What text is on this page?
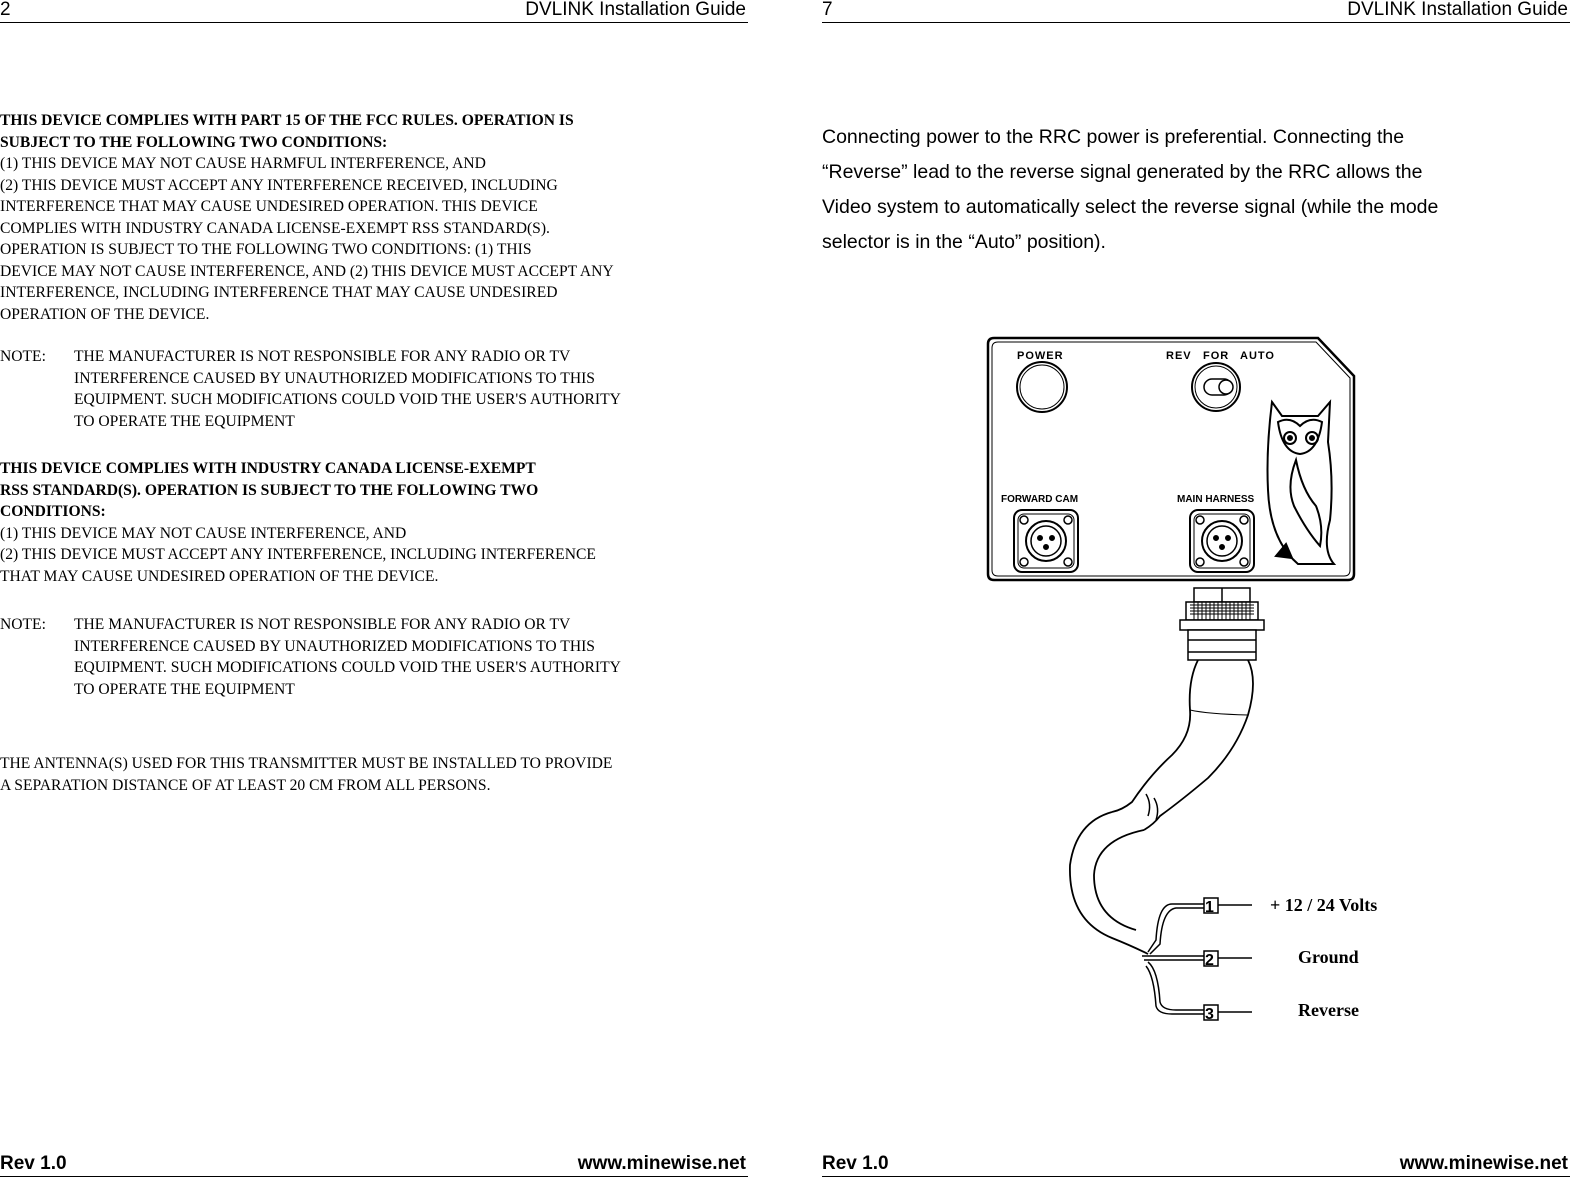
2	DVLINK Installation Guide

THIS DEVICE COMPLIES WITH PART 15 OF THE FCC RULES. OPERATION IS

SUBJECT TO THE FOLLOWING TWO CONDITIONS:

(1) THIS DEVICE MAY NOT CAUSE HARMFUL INTERFERENCE, AND

(2) THIS DEVICE MUST ACCEPT ANY INTERFERENCE RECEIVED, INCLUDING

INTERFERENCE THAT MAY CAUSE UNDESIRED OPERATION. THIS DEVICE

COMPLIES WITH INDUSTRY CANADA LICENSE-EXEMPT RSS STANDARD(S).

OPERATION IS SUBJECT TO THE FOLLOWING TWO CONDITIONS: (1) THIS

DEVICE MAY NOT CAUSE INTERFERENCE, AND (2) THIS DEVICE MUST ACCEPT ANY

INTERFERENCE, INCLUDING INTERFERENCE THAT MAY CAUSE UNDESIRED

OPERATION OF THE DEVICE.

NOTE:	THE MANUFACTURER IS NOT RESPONSIBLE FOR ANY RADIO OR TV

INTERFERENCE CAUSED BY UNAUTHORIZED MODIFICATIONS TO THIS

EQUIPMENT. SUCH MODIFICATIONS COULD VOID THE USER'S AUTHORITY

TO OPERATE THE EQUIPMENT

THIS DEVICE COMPLIES WITH INDUSTRY CANADA LICENSE-EXEMPT

RSS STANDARD(S). OPERATION IS SUBJECT TO THE FOLLOWING TWO

CONDITIONS:

(1) THIS DEVICE MAY NOT CAUSE INTERFERENCE, AND

(2) THIS DEVICE MUST ACCEPT ANY INTERFERENCE, INCLUDING INTERFERENCE

THAT MAY CAUSE UNDESIRED OPERATION OF THE DEVICE.

NOTE:	THE MANUFACTURER IS NOT RESPONSIBLE FOR ANY RADIO OR TV

INTERFERENCE CAUSED BY UNAUTHORIZED MODIFICATIONS TO THIS

EQUIPMENT. SUCH MODIFICATIONS COULD VOID THE USER'S AUTHORITY

TO OPERATE THE EQUIPMENT

THE ANTENNA(S) USED FOR THIS TRANSMITTER MUST BE INSTALLED TO PROVIDE

A SEPARATION DISTANCE OF AT LEAST 20 CM FROM ALL PERSONS.

Rev 1.0	www.minewise.net
7	DVLINK Installation Guide
Connecting power to the RRC power is preferential. Connecting the
“Reverse” lead to the reverse signal generated by the RRC allows the
Video system to automatically select the reverse signal (while the mode
selector is in the “Auto” position).
POWER	REV FOR AUTO
FORWARD CAM	MAIN HARNESS
1	+ 12 / 24 Volts
2	Ground
3	Reverse
Rev 1.0	www.minewise.net
